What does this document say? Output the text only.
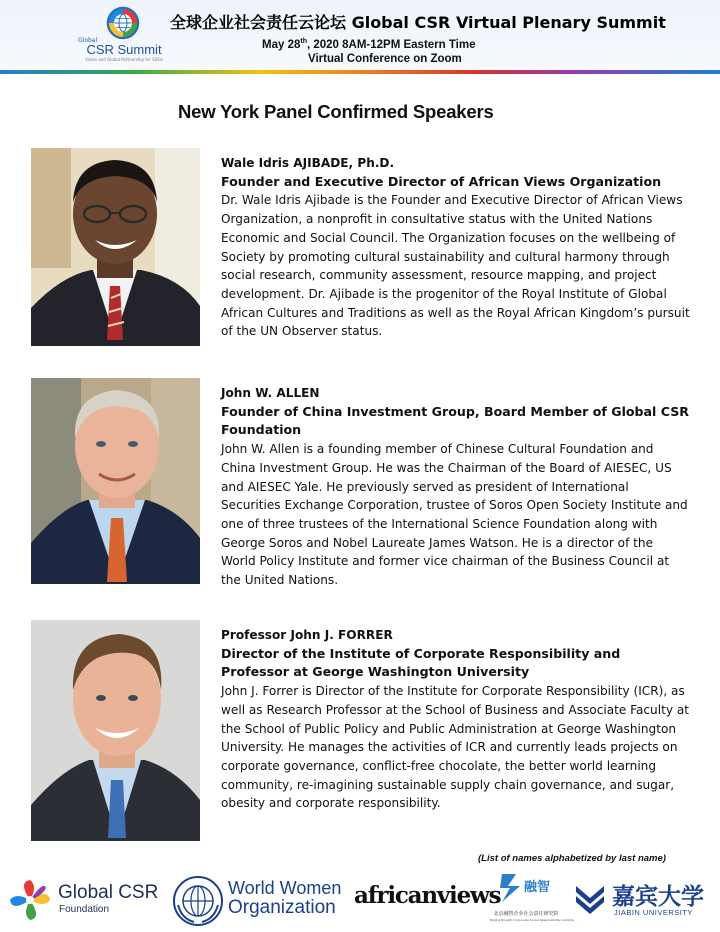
Global
CSR Summit
Vision and Global Partnership for SDGs
全球企业社会责任云论坛 Global CSR Virtual Plenary Summit
May 28th, 2020 8AM-12PM Eastern Time
Virtual Conference on Zoom
New York Panel Confirmed Speakers
Wale Idris AJIBADE, Ph.D.
Founder and Executive Director of African Views Organization
Dr. Wale Idris Ajibade is the Founder and Executive Director of African Views Organization, a nonprofit in consultative status with the United Nations Economic and Social Council. The Organization focuses on the wellbeing of Society by promoting cultural sustainability and cultural harmony through social research, community assessment, resource mapping, and project development. Dr. Ajibade is the progenitor of the Royal Institute of Global African Cultures and Traditions as well as the Royal African Kingdom’s pursuit of the UN Observer status.
John W. ALLEN
Founder of China Investment Group, Board Member of Global CSR Foundation
John W. Allen is a founding member of Chinese Cultural Foundation and China Investment Group. He was the Chairman of the Board of AIESEC, US and AIESEC Yale. He previously served as president of International Securities Exchange Corporation, trustee of Soros Open Society Institute and one of three trustees of the International Science Foundation along with George Soros and Nobel Laureate James Watson. He is a director of the World Policy Institute and former vice chairman of the Business Council at the United Nations.
Professor John J. FORRER
Director of the Institute of Corporate Responsibility and Professor at George Washington University
John J. Forrer is Director of the Institute for Corporate Responsibility (ICR), as well as Research Professor at the School of Business and Associate Faculty at the School of Public Policy and Public Administration at George Washington University. He manages the activities of ICR and currently leads projects on corporate governance, conflict-free chocolate, the better world learning community, re-imagining sustainable supply chain governance, and sugar, obesity and corporate responsibility.
(List of names alphabetized by last name)
Global CSR
Foundation
World Women
Organization africanviews 融智
北京融智企业社会责任研究院
Beijing Rongzhi Corporate Social Responsibility Institute
嘉宾大学
JIABIN UNIVERSITY
